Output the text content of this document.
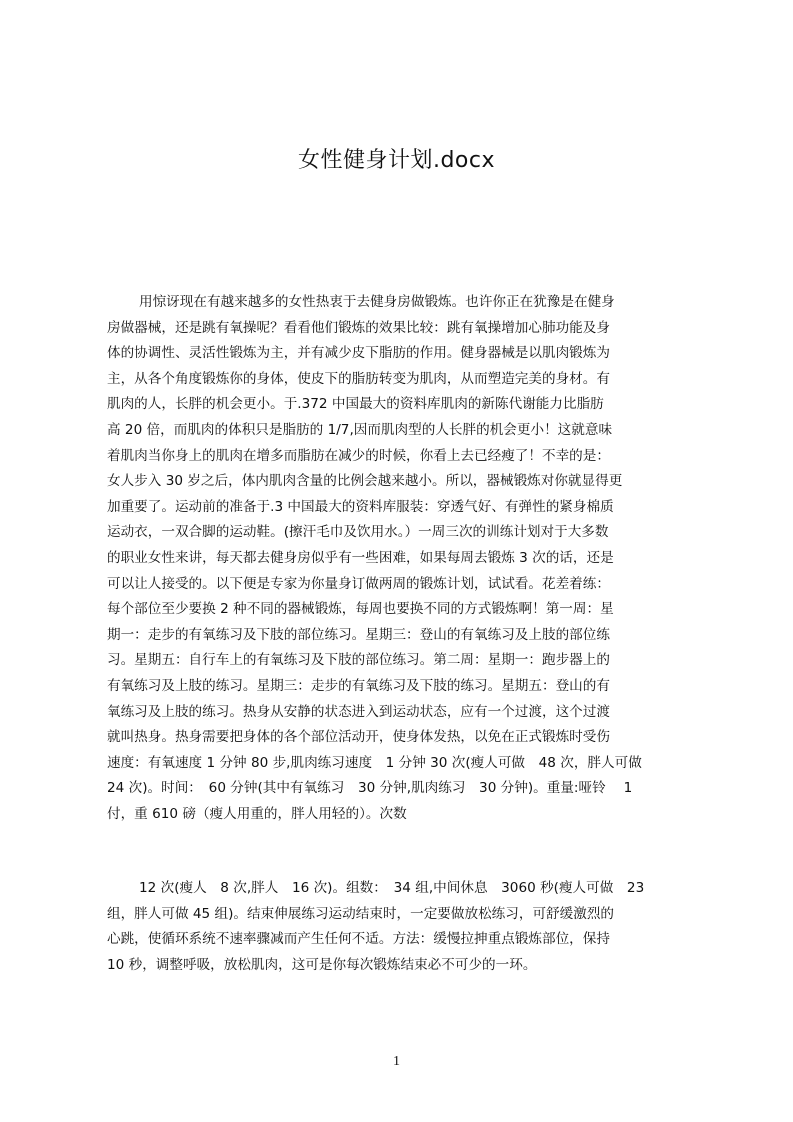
女性健身计划.docx
用惊讶现在有越来越多的女性热衷于去健身房做锻炼。也许你正在犹豫是在健身
房做器械，还是跳有氧操呢？看看他们锻炼的效果比较：跳有氧操增加心肺功能及身
体的协调性、灵活性锻炼为主，并有减少皮下脂肪的作用。健身器械是以肌肉锻炼为
主，从各个角度锻炼你的身体，使皮下的脂肪转变为肌肉，从而塑造完美的身材。有
肌肉的人，长胖的机会更小。于.372 中国最大的资料库肌肉的新陈代谢能力比脂肪
高 20 倍，而肌肉的体积只是脂肪的 1/7,因而肌肉型的人长胖的机会更小！这就意味
着肌肉当你身上的肌肉在增多而脂肪在减少的时候，你看上去已经瘦了！不幸的是：
女人步入 30 岁之后，体内肌肉含量的比例会越来越小。所以，器械锻炼对你就显得更
加重要了。运动前的准备于.3 中国最大的资料库服装：穿透气好、有弹性的紧身棉质
运动衣，一双合脚的运动鞋。(擦汗毛巾及饮用水。）一周三次的训练计划对于大多数
的职业女性来讲，每天都去健身房似乎有一些困难，如果每周去锻炼 3 次的话，还是
可以让人接受的。以下便是专家为你量身订做两周的锻炼计划，试试看。花差着练：
每个部位至少要换 2 种不同的器械锻炼，每周也要换不同的方式锻炼啊！第一周：星
期一：走步的有氧练习及下肢的部位练习。星期三：登山的有氧练习及上肢的部位练
习。星期五：自行车上的有氧练习及下肢的部位练习。第二周：星期一：跑步器上的
有氧练习及上肢的练习。星期三：走步的有氧练习及下肢的练习。星期五：登山的有
氧练习及上肢的练习。热身从安静的状态进入到运动状态，应有一个过渡，这个过渡
就叫热身。热身需要把身体的各个部位活动开，使身体发热，以免在正式锻炼时受伤
速度：有氧速度 1 分钟 80 步,肌肉练习速度　1 分钟 30 次(瘦人可做　48 次，胖人可做
24 次)。时间：　60 分钟(其中有氧练习　30 分钟,肌肉练习　30 分钟)。重量:哑铃　 1
付，重 610 磅（瘦人用重的，胖人用轻的）。次数
12 次(瘦人　8 次,胖人　16 次)。组数：　34 组,中间休息　3060 秒(瘦人可做　23
组，胖人可做 45 组)。结束伸展练习运动结束时，一定要做放松练习，可舒缓激烈的
心跳，使循环系统不速率骤减而产生任何不适。方法：缓慢拉抻重点锻炼部位，保持
10 秒，调整呼吸，放松肌肉，这可是你每次锻炼结束必不可少的一环。
1
